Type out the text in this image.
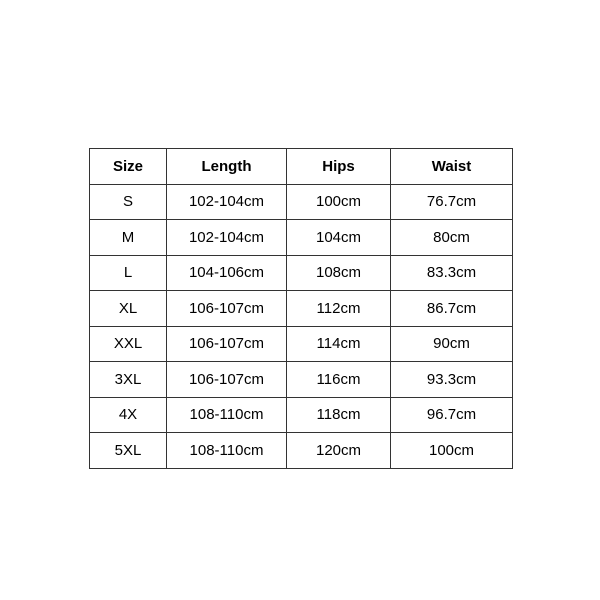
Size	Length	Hips	Waist
S	102-104cm	100cm	76.7cm
M	102-104cm	104cm	80cm
L	104-106cm	108cm	83.3cm
XL	106-107cm	112cm	86.7cm
XXL	106-107cm	114cm	90cm
3XL	106-107cm	116cm	93.3cm
4X	108-110cm	118cm	96.7cm
5XL	108-110cm	120cm	100cm
